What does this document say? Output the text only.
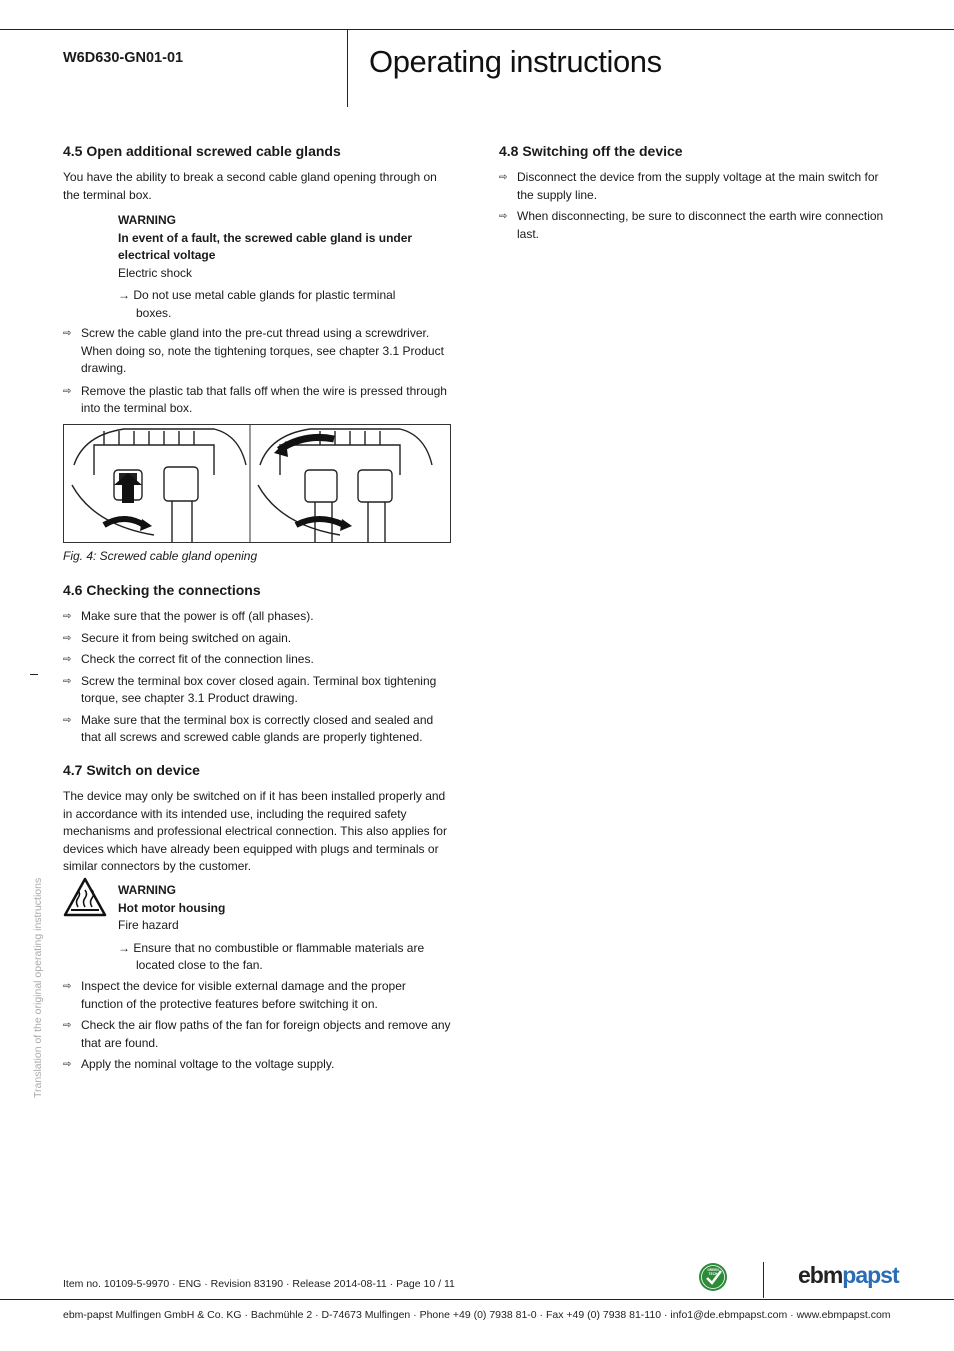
W6D630-GN01-01	Operating instructions
Translation of the original operating instructions
4.5 Open additional screwed cable glands
You have the ability to break a second cable gland opening through on the terminal box.
WARNING
In event of a fault, the screwed cable gland is under electrical voltage
Electric shock
→ Do not use metal cable glands for plastic terminal boxes.
⇨ Screw the cable gland into the pre-cut thread using a screwdriver. When doing so, note the tightening torques, see chapter 3.1 Product drawing.
⇨ Remove the plastic tab that falls off when the wire is pressed through into the terminal box.
Fig. 4: Screwed cable gland opening
4.6 Checking the connections
⇨ Make sure that the power is off (all phases).
⇨ Secure it from being switched on again.
⇨ Check the correct fit of the connection lines.
⇨ Screw the terminal box cover closed again. Terminal box tightening torque, see chapter 3.1 Product drawing.
⇨ Make sure that the terminal box is correctly closed and sealed and that all screws and screwed cable glands are properly tightened.
4.7 Switch on device
The device may only be switched on if it has been installed properly and in accordance with its intended use, including the required safety mechanisms and professional electrical connection. This also applies for devices which have already been equipped with plugs and terminals or similar connectors by the customer.
WARNING
Hot motor housing
Fire hazard
→ Ensure that no combustible or flammable materials are located close to the fan.
⇨ Inspect the device for visible external damage and the proper function of the protective features before switching it on.
⇨ Check the air flow paths of the fan for foreign objects and remove any that are found.
⇨ Apply the nominal voltage to the voltage supply.
4.8 Switching off the device
⇨ Disconnect the device from the supply voltage at the main switch for the supply line.
⇨ When disconnecting, be sure to disconnect the earth wire connection last.
Item no. 10109-5-9970 · ENG · Revision 83190 · Release 2014-08-11 · Page 10 / 11
GREEN TECH	ebmpapst
ebm-papst Mulfingen GmbH & Co. KG · Bachmühle 2 · D-74673 Mulfingen · Phone +49 (0) 7938 81-0 · Fax +49 (0) 7938 81-110 · info1@de.ebmpapst.com · www.ebmpapst.com
